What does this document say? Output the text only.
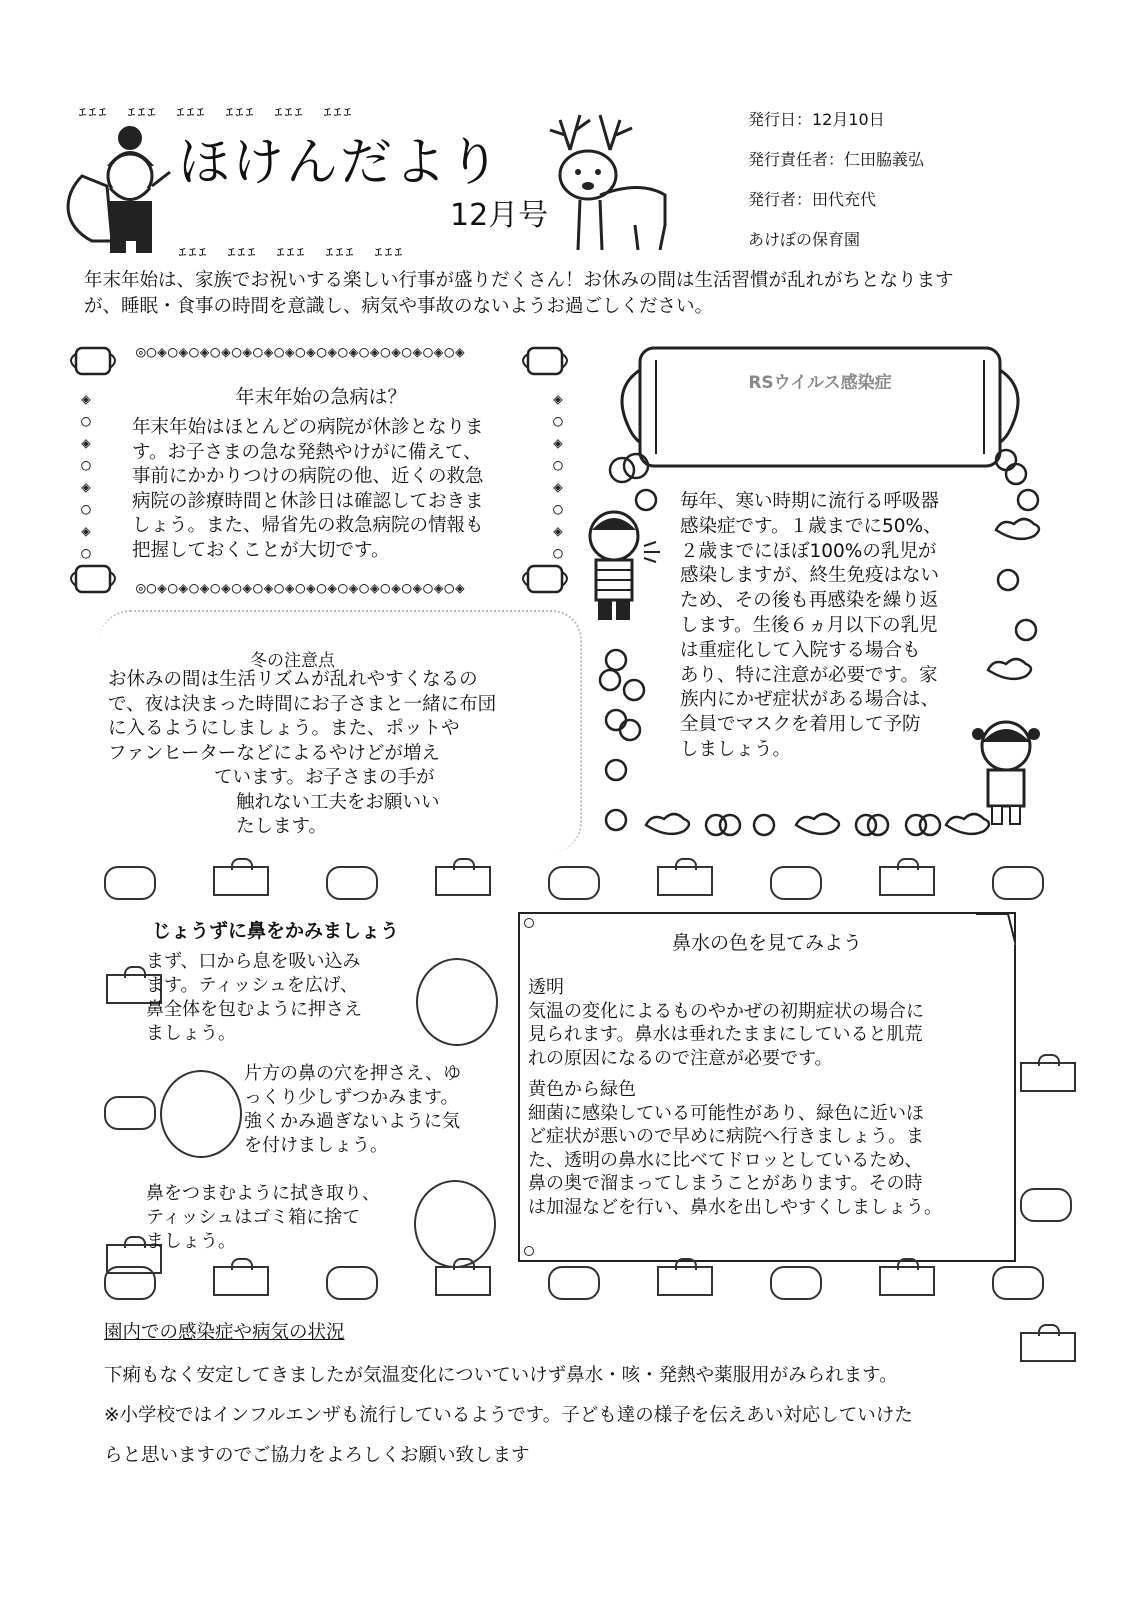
ｪｪｪ　ｪｪｪ　ｪｪｪ　ｪｪｪ　ｪｪｪ　ｪｪｪ
ｪｪｪ　ｪｪｪ　ｪｪｪ　ｪｪｪ　ｪｪｪ
ほけんだより
12月号
発行日：12月10日
発行責任者：仁田脇義弘
発行者：田代充代
あけぼの保育園
年末年始は、家族でお祝いする楽しい行事が盛りだくさん！お休みの間は生活習慣が乱れがちとなります
が、睡眠・食事の時間を意識し、病気や事故のないようお過ごしください。
◎○◈○◈○◈○◈○◈○◈○◈○◈○◈○◈○◈○◈○◈○◈○◈
◎○◈○◈○◈○◈○◈○◈○◈○◈○◈○◈○◈○◈○◈○◈○◈
◈
○
◈
○
◈
○
◈
○
◈
○
◈
○
◈
○
◈
○
年末年始の急病は？
年末年始はほとんどの病院が休診となりま
す。お子さまの急な発熱やけがに備えて、
事前にかかりつけの病院の他、近くの救急
病院の診療時間と休診日は確認しておきま
しょう。また、帰省先の救急病院の情報も
把握しておくことが大切です。
RSウイルス感染症
毎年、寒い時期に流行る呼吸器
感染症です。１歳までに50%、
２歳までにほぼ100%の乳児が
感染しますが、終生免疫はない
ため、その後も再感染を繰り返
します。生後６ヵ月以下の乳児
は重症化して入院する場合も
あり、特に注意が必要です。家
族内にかぜ症状がある場合は、
全員でマスクを着用して予防
しましょう。
冬の注意点
お休みの間は生活リズムが乱れやすくなるの
で、夜は決まった時間にお子さまと一緒に布団
に入るようにしましょう。また、ポットや
ファンヒーターなどによるやけどが増え
ています。お子さまの手が
触れない工夫をお願いい
たします。
じょうずに鼻をかみましょう
まず、口から息を吸い込み
ます。ティッシュを広げ、
鼻全体を包むように押さえ
ましょう。
片方の鼻の穴を押さえ、ゆ
っくり少しずつかみます。
強くかみ過ぎないように気
を付けましょう。
鼻をつまむように拭き取り、
ティッシュはゴミ箱に捨て
ましょう。
鼻水の色を見てみよう
透明
気温の変化によるものやかぜの初期症状の場合に
見られます。鼻水は垂れたままにしていると肌荒
れの原因になるので注意が必要です。
黄色から緑色
細菌に感染している可能性があり、緑色に近いほ
ど症状が悪いので早めに病院へ行きましょう。ま
た、透明の鼻水に比べてドロッとしているため、
鼻の奥で溜まってしまうことがあります。その時
は加湿などを行い、鼻水を出しやすくしましょう。
園内での感染症や病気の状況
下痢もなく安定してきましたが気温変化についていけず鼻水・咳・発熱や薬服用がみられます。
※小学校ではインフルエンザも流行しているようです。子ども達の様子を伝えあい対応していけた
らと思いますのでご協力をよろしくお願い致します
